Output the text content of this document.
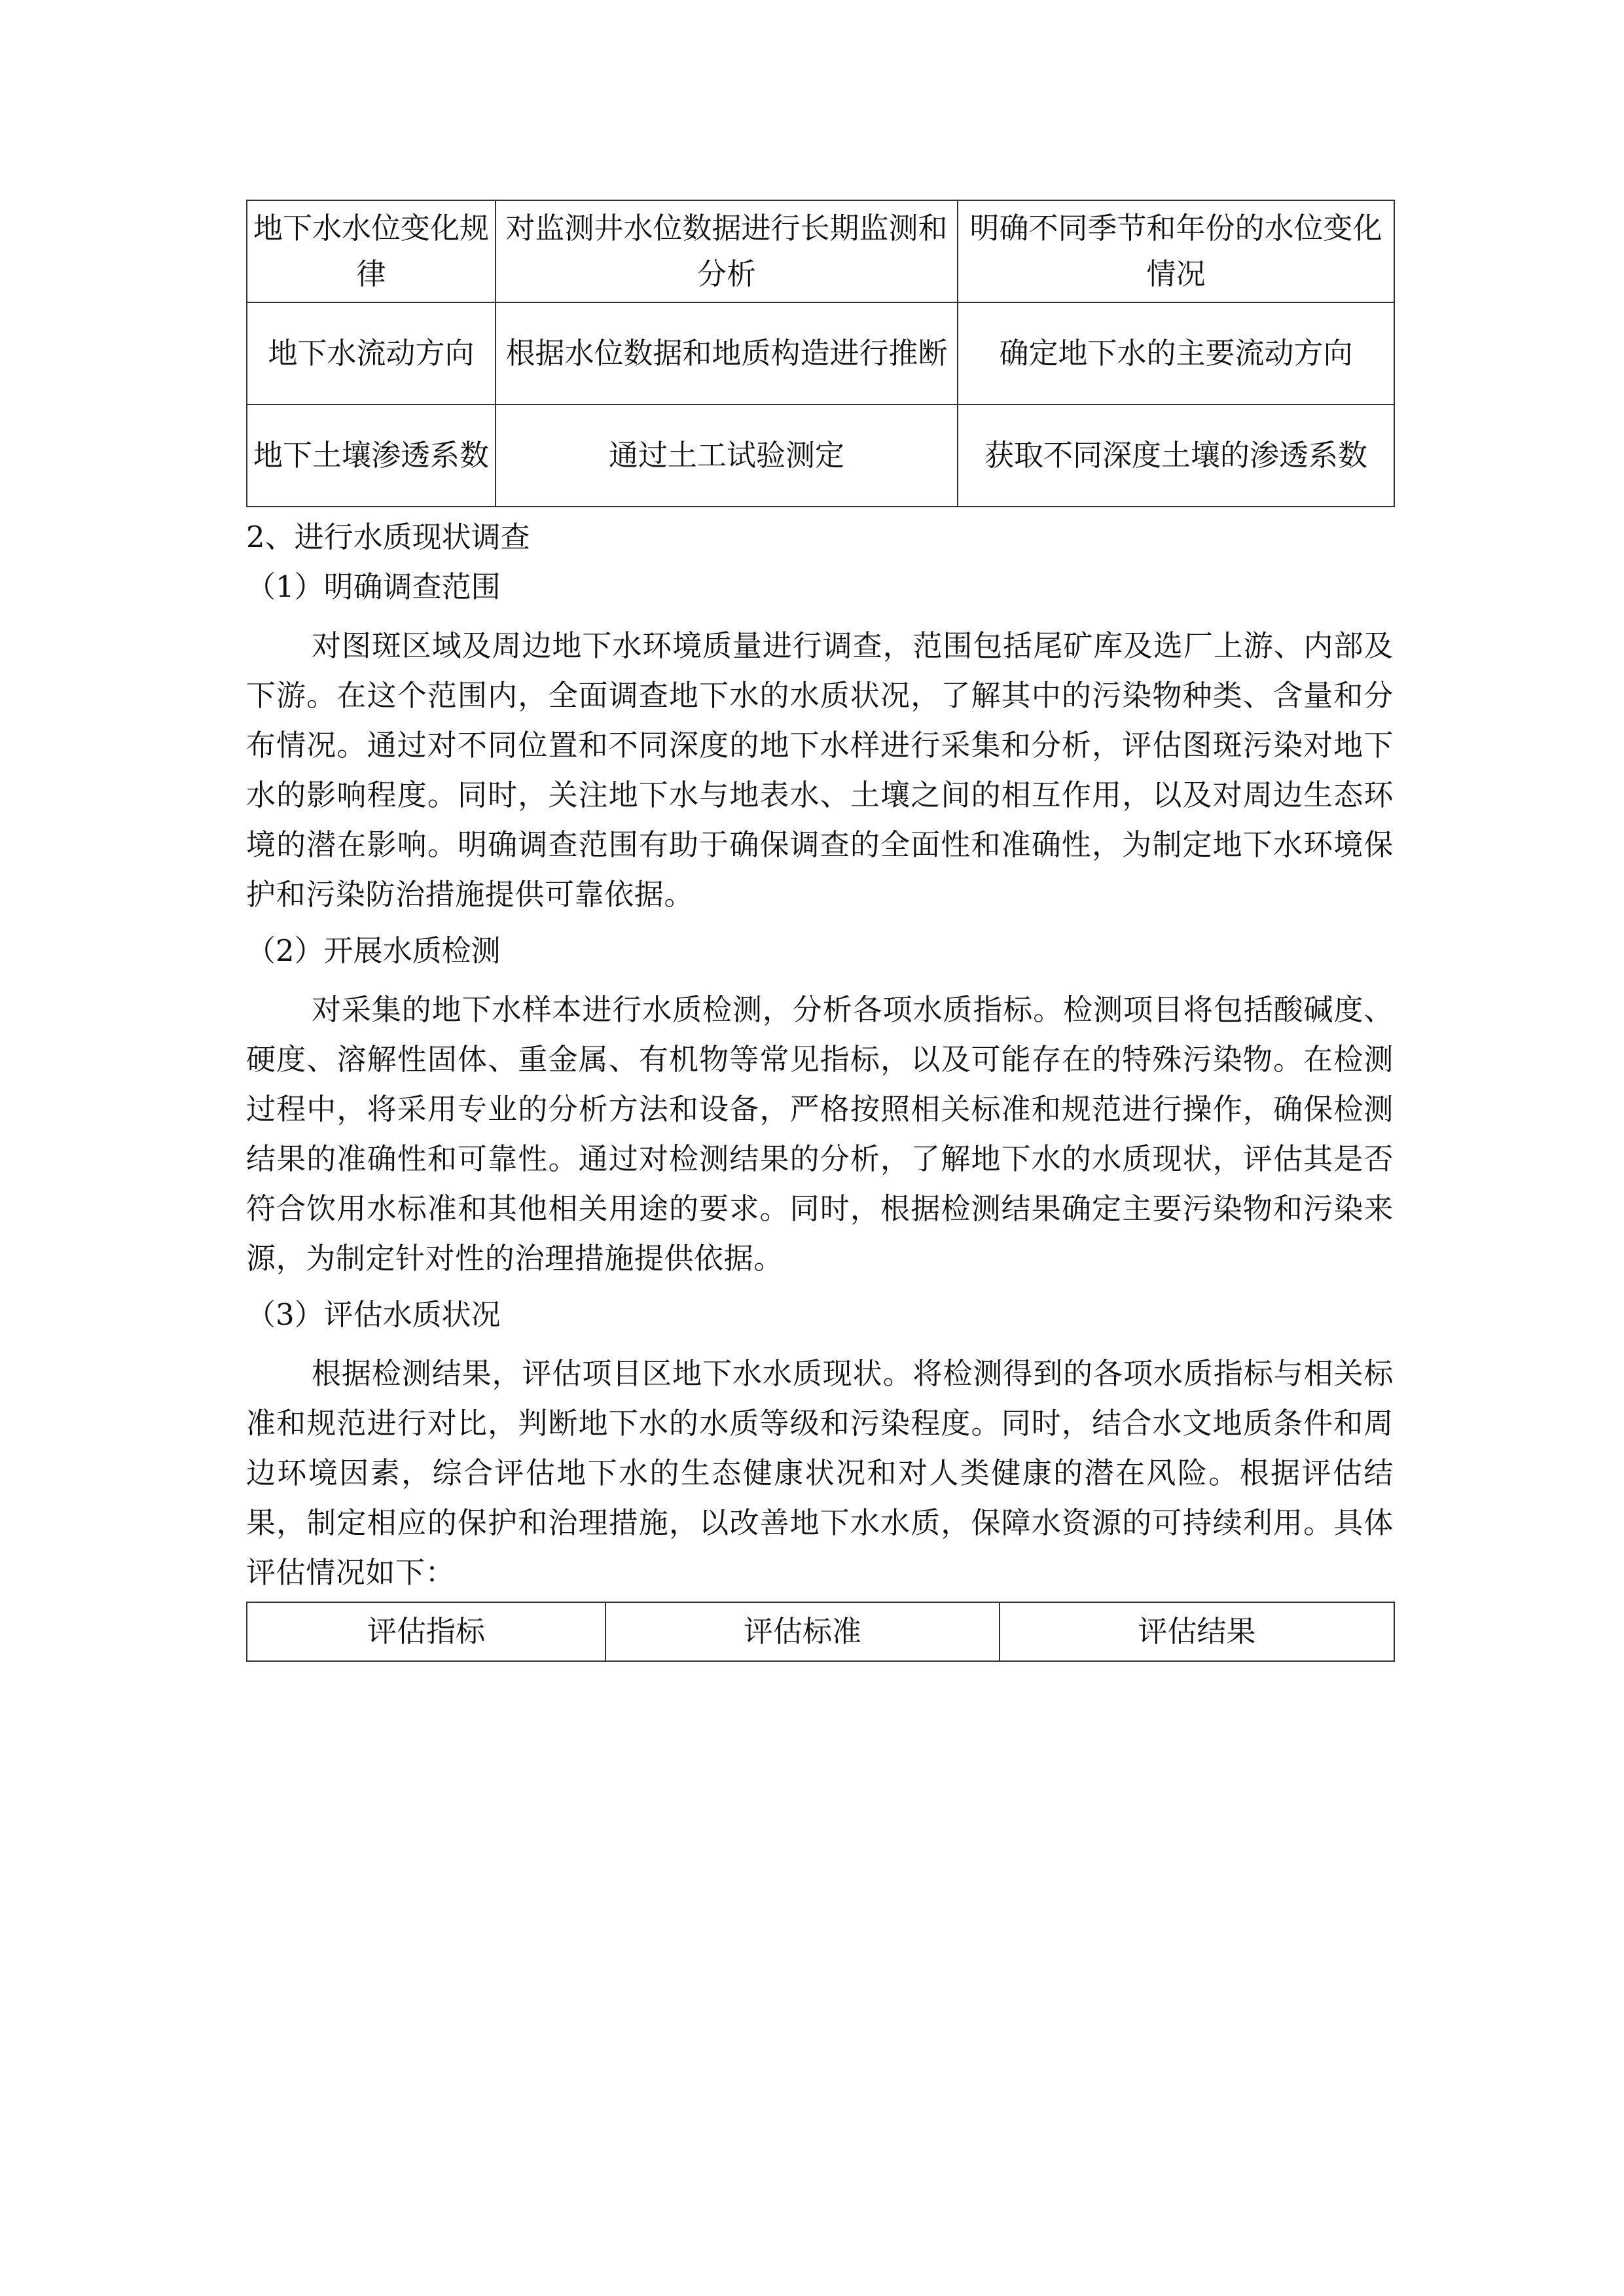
地下水水位变化规律	对监测井水位数据进行长期监测和分析	明确不同季节和年份的水位变化情况
地下水流动方向	根据水位数据和地质构造进行推断	确定地下水的主要流动方向
地下土壤渗透系数	通过土工试验测定	获取不同深度土壤的渗透系数

2、进行水质现状调查

（1）明确调查范围

对图斑区域及周边地下水环境质量进行调查，范围包括尾矿库及选厂上游、内部及下游。在这个范围内，全面调查地下水的水质状况，了解其中的污染物种类、含量和分布情况。通过对不同位置和不同深度的地下水样进行采集和分析，评估图斑污染对地下水的影响程度。同时，关注地下水与地表水、土壤之间的相互作用，以及对周边生态环境的潜在影响。明确调查范围有助于确保调查的全面性和准确性，为制定地下水环境保护和污染防治措施提供可靠依据。

（2）开展水质检测

对采集的地下水样本进行水质检测，分析各项水质指标。检测项目将包括酸碱度、硬度、溶解性固体、重金属、有机物等常见指标，以及可能存在的特殊污染物。在检测过程中，将采用专业的分析方法和设备，严格按照相关标准和规范进行操作，确保检测结果的准确性和可靠性。通过对检测结果的分析，了解地下水的水质现状，评估其是否符合饮用水标准和其他相关用途的要求。同时，根据检测结果确定主要污染物和污染来源，为制定针对性的治理措施提供依据。

（3）评估水质状况

根据检测结果，评估项目区地下水水质现状。将检测得到的各项水质指标与相关标准和规范进行对比，判断地下水的水质等级和污染程度。同时，结合水文地质条件和周边环境因素，综合评估地下水的生态健康状况和对人类健康的潜在风险。根据评估结果，制定相应的保护和治理措施，以改善地下水水质，保障水资源的可持续利用。具体评估情况如下：

评估指标	评估标准	评估结果
